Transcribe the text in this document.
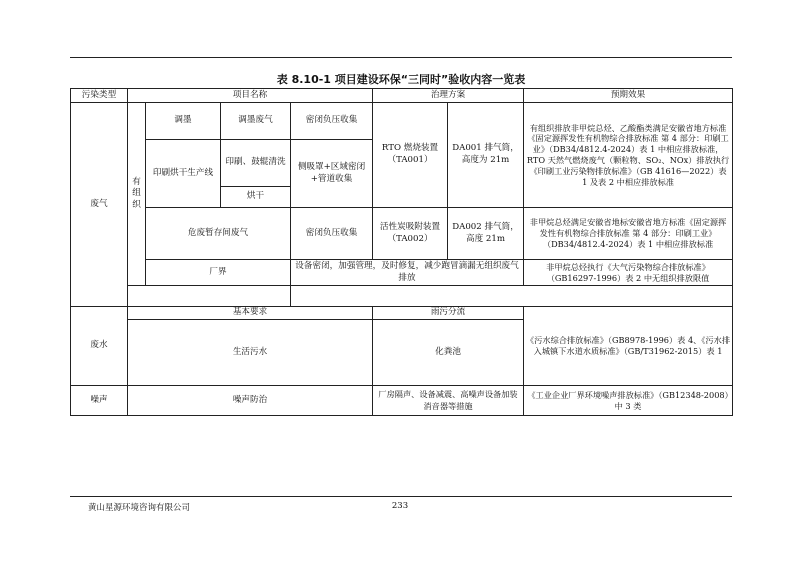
表 8.10-1 项目建设环保“三同时”验收内容一览表
污染类型	项目名称				治理方案		预期效果
废气	有组织	调墨	调墨废气	密闭负压收集	RTO 燃烧装置（TA001）	DA001 排气筒，高度为 21m	有组织排放非甲烷总烃、乙酸酯类满足安徽省地方标准《固定源挥发性有机物综合排放标准 第 4 部分：印刷工业》（DB34/4812.4-2024）表 1 中相应排放标准，RTO 天然气燃烧废气（颗粒物、SO₂、NOx）排放执行《印刷工业污染物排放标准》（GB 41616—2022）表 1 及表 2 中相应排放标准
		印刷烘干生产线	印刷、鼓辊清洗	侧吸罩+区域密闭+管道收集			
			烘干				
		危废暂存间废气		密闭负压收集	活性炭吸附装置（TA002）	DA002 排气筒，高度 21m	非甲烷总烃满足安徽省地标安徽省地方标准《固定源挥发性有机物综合排放标准 第 4 部分：印刷工业》（DB34/4812.4-2024）表 1 中相应排放标准
		厂界		设备密闭，加强管理，及时修复，减少跑冒滴漏无组织废气排放			非甲烷总烃执行《大气污染物综合排放标准》（GB16297-1996）表 2 中无组织排放限值

废水	基本要求				雨污分流		《污水综合排放标准》（GB8978-1996）表 4、《污水排入城镇下水道水质标准》（GB/T31962-2015）表 1
	生活污水				化粪池		
噪声	噪声防治				厂房隔声、设备减震、高噪声设备加装消音器等措施		《工业企业厂界环境噪声排放标准》（GB12348-2008）中 3 类
黄山星源环境咨询有限公司	233
